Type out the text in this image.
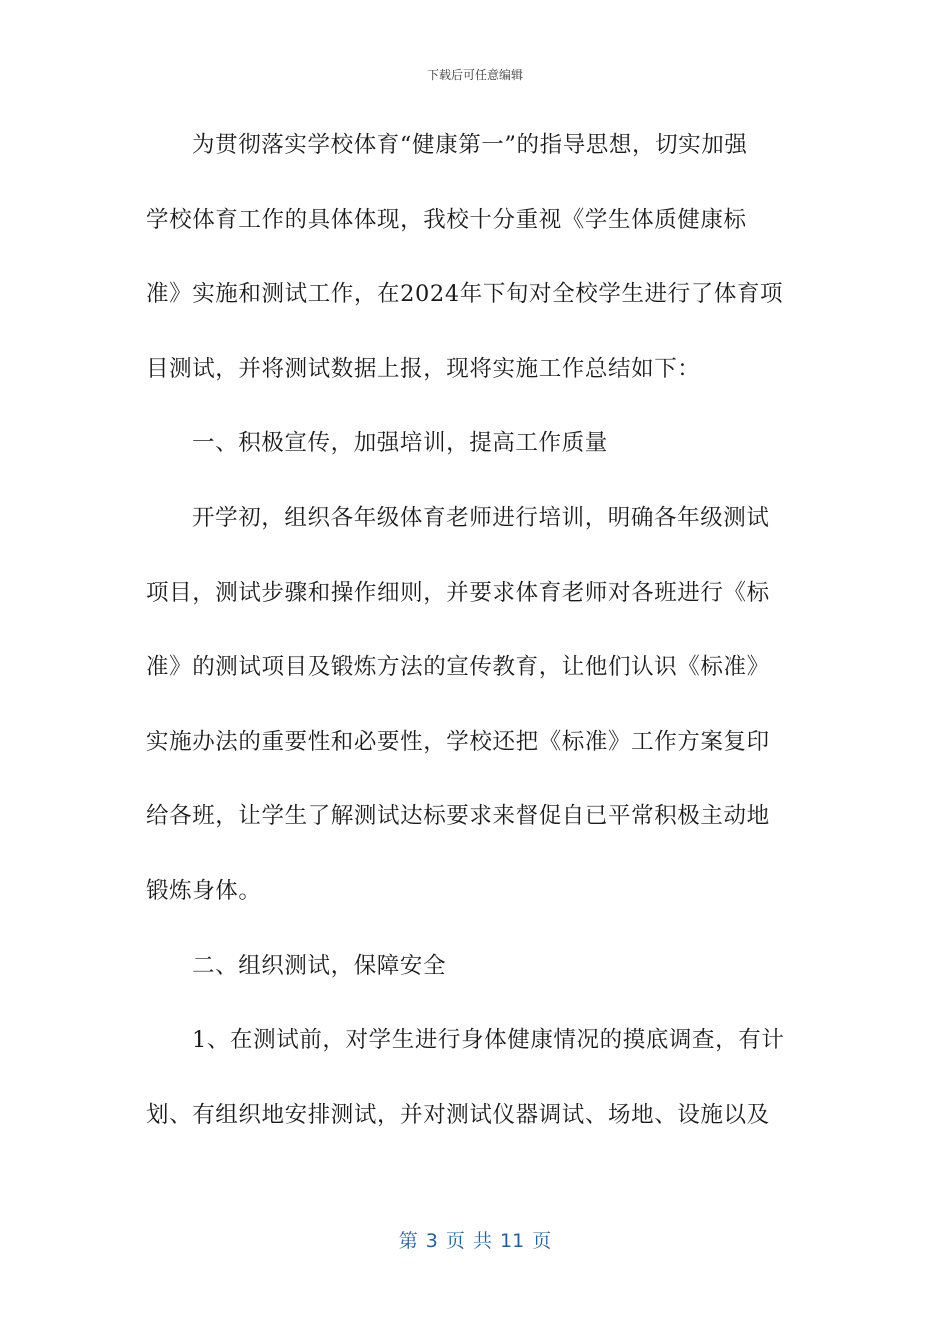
下载后可任意编辑
为贯彻落实学校体育“健康第一”的指导思想，切实加强
学校体育工作的具体体现，我校十分重视《学生体质健康标
准》实施和测试工作，在2024年下旬对全校学生进行了体育项
目测试，并将测试数据上报，现将实施工作总结如下：
一、积极宣传，加强培训，提高工作质量
开学初，组织各年级体育老师进行培训，明确各年级测试
项目，测试步骤和操作细则，并要求体育老师对各班进行《标
准》的测试项目及锻炼方法的宣传教育，让他们认识《标准》
实施办法的重要性和必要性，学校还把《标准》工作方案复印
给各班，让学生了解测试达标要求来督促自已平常积极主动地
锻炼身体。
二、组织测试，保障安全
1、在测试前，对学生进行身体健康情况的摸底调查，有计
划、有组织地安排测试，并对测试仪器调试、场地、设施以及
第 3 页 共 11 页
